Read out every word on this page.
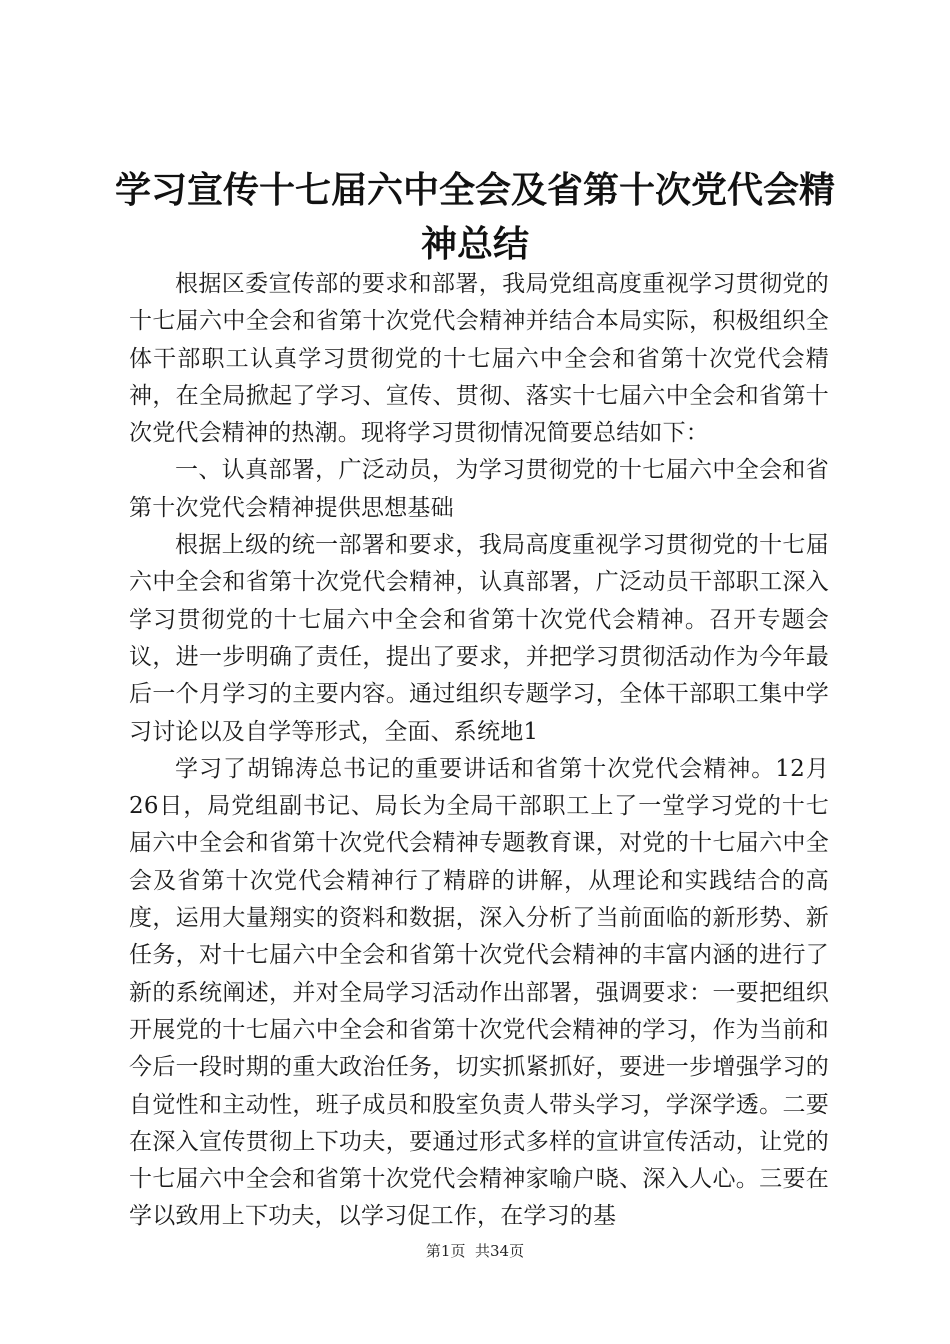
学习宣传十七届六中全会及省第十次党代会精
神总结

根据区委宣传部的要求和部署，我局党组高度重视学习贯彻党的十七届六中全会和省第十次党代会精神并结合本局实际，积极组织全体干部职工认真学习贯彻党的十七届六中全会和省第十次党代会精神，在全局掀起了学习、宣传、贯彻、落实十七届六中全会和省第十次党代会精神的热潮。现将学习贯彻情况简要总结如下：

一、认真部署，广泛动员，为学习贯彻党的十七届六中全会和省第十次党代会精神提供思想基础

根据上级的统一部署和要求，我局高度重视学习贯彻党的十七届六中全会和省第十次党代会精神，认真部署，广泛动员干部职工深入学习贯彻党的十七届六中全会和省第十次党代会精神。召开专题会议，进一步明确了责任，提出了要求，并把学习贯彻活动作为今年最后一个月学习的主要内容。通过组织专题学习，全体干部职工集中学习讨论以及自学等形式，全面、系统地1

学习了胡锦涛总书记的重要讲话和省第十次党代会精神。12月26日，局党组副书记、局长为全局干部职工上了一堂学习党的十七届六中全会和省第十次党代会精神专题教育课，对党的十七届六中全会及省第十次党代会精神行了精辟的讲解，从理论和实践结合的高度，运用大量翔实的资料和数据，深入分析了当前面临的新形势、新任务，对十七届六中全会和省第十次党代会精神的丰富内涵的进行了新的系统阐述，并对全局学习活动作出部署，强调要求：一要把组织开展党的十七届六中全会和省第十次党代会精神的学习，作为当前和今后一段时期的重大政治任务，切实抓紧抓好，要进一步增强学习的自觉性和主动性，班子成员和股室负责人带头学习，学深学透。二要在深入宣传贯彻上下功夫，要通过形式多样的宣讲宣传活动，让党的十七届六中全会和省第十次党代会精神家喻户晓、深入人心。三要在学以致用上下功夫，以学习促工作，在学习的基

第1页 共34页
